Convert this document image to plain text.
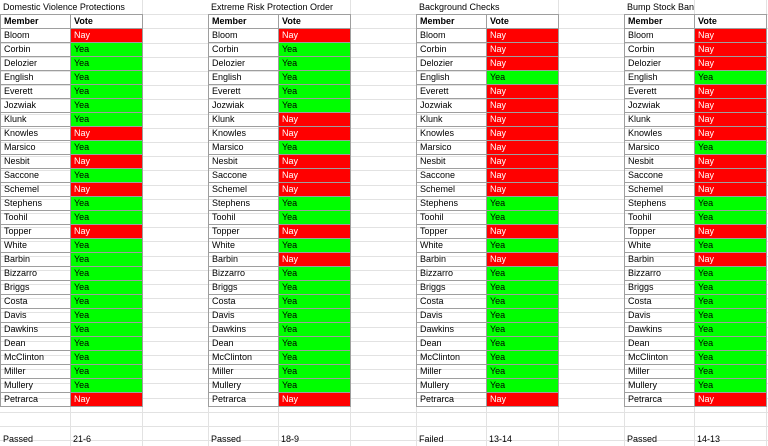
Domestic Violence Protections
Member	Vote
Bloom	Nay
Corbin	Yea
Delozier	Yea
English	Yea
Everett	Yea
Jozwiak	Yea
Klunk	Yea
Knowles	Nay
Marsico	Yea
Nesbit	Nay
Saccone	Yea
Schemel	Nay
Stephens	Yea
Toohil	Yea
Topper	Nay
White	Yea
Barbin	Yea
Bizzarro	Yea
Briggs	Yea
Costa	Yea
Davis	Yea
Dawkins	Yea
Dean	Yea
McClinton	Yea
Miller	Yea
Mullery	Yea
Petrarca	Nay
Passed	21-6
Extreme Risk Protection Order
Member	Vote
Bloom	Nay
Corbin	Yea
Delozier	Yea
English	Yea
Everett	Yea
Jozwiak	Yea
Klunk	Nay
Knowles	Nay
Marsico	Yea
Nesbit	Nay
Saccone	Nay
Schemel	Nay
Stephens	Yea
Toohil	Yea
Topper	Nay
White	Yea
Barbin	Nay
Bizzarro	Yea
Briggs	Yea
Costa	Yea
Davis	Yea
Dawkins	Yea
Dean	Yea
McClinton	Yea
Miller	Yea
Mullery	Yea
Petrarca	Nay
Passed	18-9
Background Checks
Member	Vote
Bloom	Nay
Corbin	Nay
Delozier	Nay
English	Yea
Everett	Nay
Jozwiak	Nay
Klunk	Nay
Knowles	Nay
Marsico	Nay
Nesbit	Nay
Saccone	Nay
Schemel	Nay
Stephens	Yea
Toohil	Yea
Topper	Nay
White	Yea
Barbin	Nay
Bizzarro	Yea
Briggs	Yea
Costa	Yea
Davis	Yea
Dawkins	Yea
Dean	Yea
McClinton	Yea
Miller	Yea
Mullery	Yea
Petrarca	Nay
Failed	13-14
Bump Stock Ban
Member	Vote
Bloom	Nay
Corbin	Nay
Delozier	Nay
English	Yea
Everett	Nay
Jozwiak	Nay
Klunk	Nay
Knowles	Nay
Marsico	Yea
Nesbit	Nay
Saccone	Nay
Schemel	Nay
Stephens	Yea
Toohil	Yea
Topper	Nay
White	Yea
Barbin	Nay
Bizzarro	Yea
Briggs	Yea
Costa	Yea
Davis	Yea
Dawkins	Yea
Dean	Yea
McClinton	Yea
Miller	Yea
Mullery	Yea
Petrarca	Nay
Passed	14-13
